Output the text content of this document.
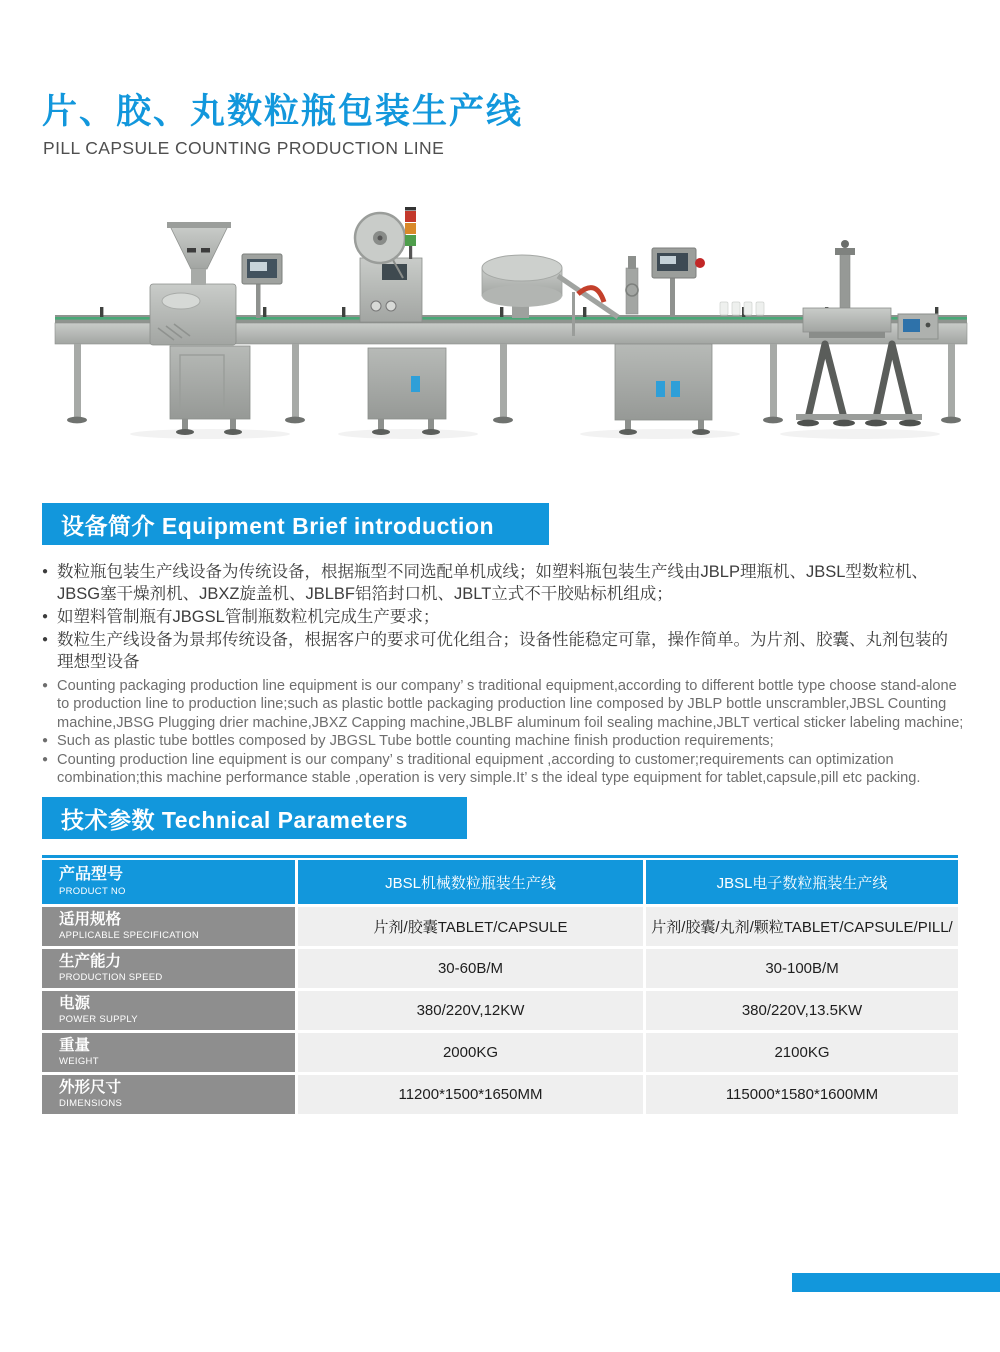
片、胶、丸数粒瓶包装生产线
PILL CAPSULE COUNTING PRODUCTION LINE
设备简介 Equipment Brief introduction
● 数粒瓶包装生产线设备为传统设备，根据瓶型不同选配单机成线；如塑料瓶包装生产线由JBLP理瓶机、JBSL型数粒机、JBSG塞干燥剂机、JBXZ旋盖机、JBLBF铝箔封口机、JBLT立式不干胶贴标机组成；
● 如塑料管制瓶有JBGSL管制瓶数粒机完成生产要求；
● 数粒生产线设备为景邦传统设备，根据客户的要求可优化组合；设备性能稳定可靠，操作简单。为片剂、胶囊、丸剂包装的理想型设备
● Counting packaging production line equipment is our company’ s traditional equipment,according to different bottle type choose stand-alone to production line to production line;such as plastic bottle packaging production line composed by JBLP bottle unscrambler,JBSL Counting machine,JBSG Plugging drier machine,JBXZ Capping machine,JBLBF aluminum foil sealing machine,JBLT vertical sticker labeling machine;
● Such as plastic tube bottles composed by JBGSL Tube bottle counting machine finish production requirements;
● Counting production line equipment is our company’ s traditional equipment ,according to customer;requirements can optimization combination;this machine performance stable ,operation is very simple.It’ s the ideal type equipment for tablet,capsule,pill etc packing.
技术参数 Technical Parameters
产品型号
PRODUCT NO	JBSL机械数粒瓶装生产线	JBSL电子数粒瓶装生产线
适用规格
APPLICABLE SPECIFICATION	片剂/胶囊TABLET/CAPSULE	片剂/胶囊/丸剂/颗粒TABLET/CAPSULE/PILL/
生产能力
PRODUCTION SPEED
30-60B/M	30-100B/M
电源
POWER SUPPLY
380/220V,12KW	380/220V,13.5KW
重量
WEIGHT
2000KG	2100KG
外形尺寸
DIMENSIONS
11200*1500*1650MM	115000*1580*1600MM
